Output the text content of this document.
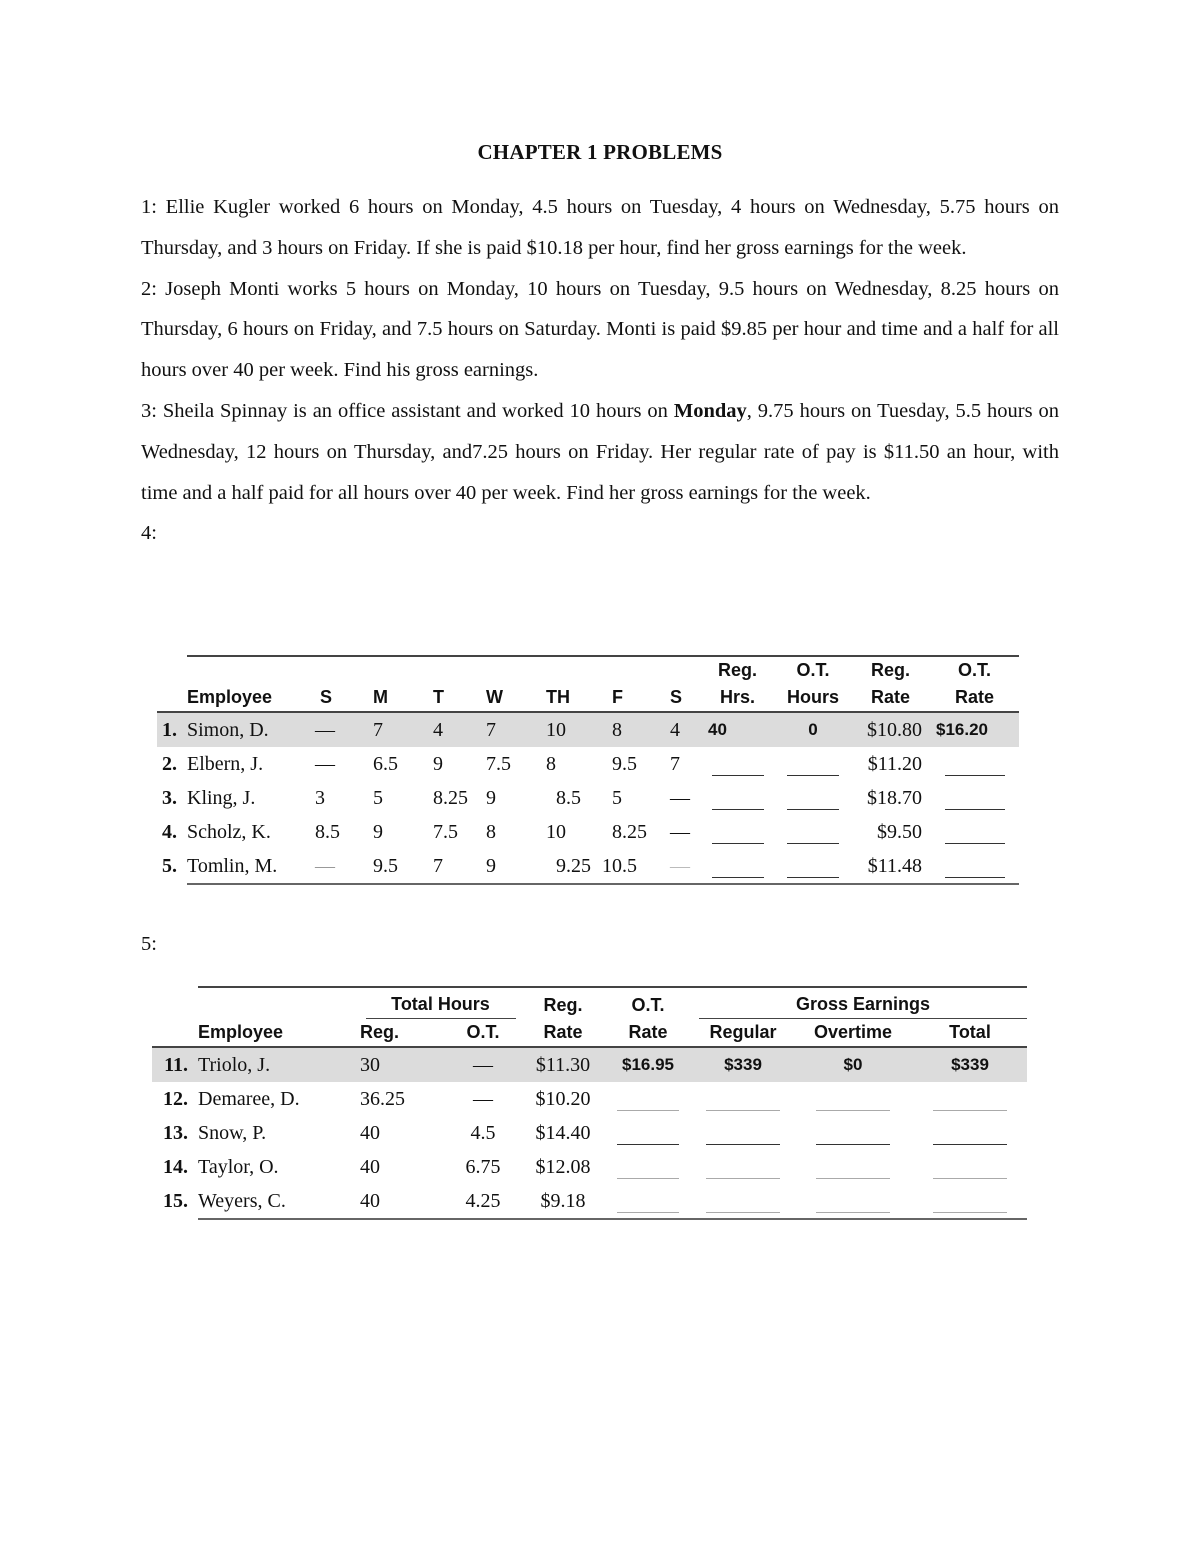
CHAPTER 1 PROBLEMS

1: Ellie Kugler worked 6 hours on Monday, 4.5 hours on Tuesday, 4 hours on Wednesday, 5.75 hours on Thursday, and 3 hours on Friday. If she is paid $10.18 per hour, find her gross earnings for the week.

2: Joseph Monti works 5 hours on Monday, 10 hours on Tuesday, 9.5 hours on Wednesday, 8.25 hours on Thursday, 6 hours on Friday, and 7.5 hours on Saturday. Monti is paid $9.85 per hour and time and a half for all hours over 40 per week. Find his gross earnings.

3: Sheila Spinnay is an office assistant and worked 10 hours on Monday, 9.75 hours on Tuesday, 5.5 hours on Wednesday, 12 hours on Thursday, and7.25 hours on Friday. Her regular rate of pay is $11.50 an hour, with time and a half paid for all hours over 40 per week. Find her gross earnings for the week.

4:

									Reg.	O.T.	Reg.	O.T.
Employee		S	M	T	W	TH	F	S	Hrs.	Hours	Rate	Rate
1.	Simon, D.	—	7	4	7	10	8	4	40	0	$10.80	$16.20
2.	Elbern, J.	—	6.5	9	7.5	8	9.5	7			$11.20	
3.	Kling, J.	3	5	8.25	9	8.5	5	—			$18.70	
4.	Scholz, K.	8.5	9	7.5	8	10	8.25	—			$9.50	
5.	Tomlin, M.	—	9.5	7	9	9.25	10.5	—			$11.48	
5:
		Total Hours		Reg.	O.T.	Gross Earnings		

Employee		Reg.	O.T.	Rate	Rate	Regular	Overtime	Total
11.	Triolo, J.	30	—	$11.30	$16.95	$339	$0	$339
12.	Demaree, D.	36.25	—	$10.20				
13.	Snow, P.	40	4.5	$14.40				
14.	Taylor, O.	40	6.75	$12.08				
15.	Weyers, C.	40	4.25	$9.18				
